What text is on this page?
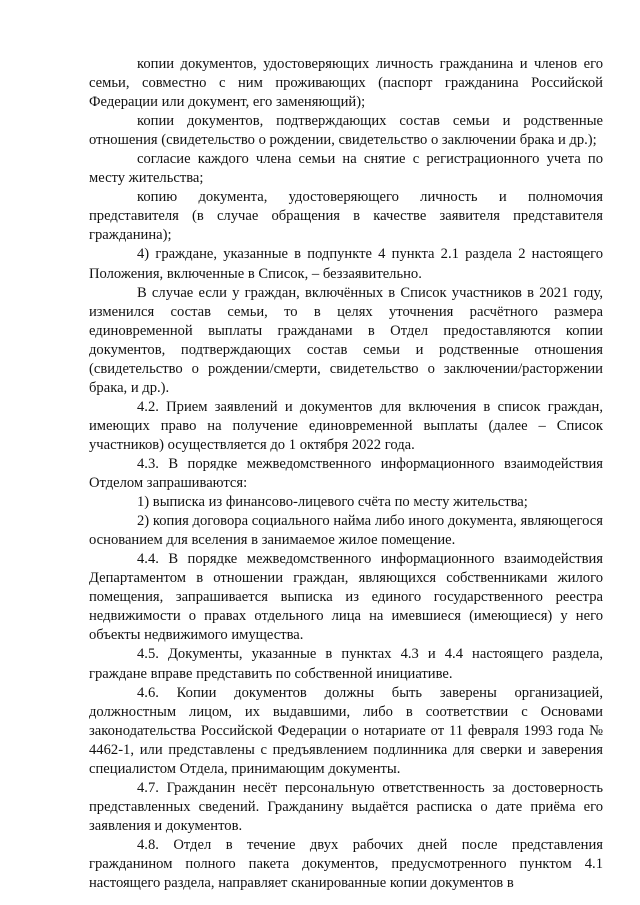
копии документов, удостоверяющих личность гражданина и членов его семьи, совместно с ним проживающих (паспорт гражданина Российской Федерации или документ, его заменяющий);

копии документов, подтверждающих состав семьи и родственные отношения (свидетельство о рождении, свидетельство о заключении брака и др.);

согласие каждого члена семьи на снятие с регистрационного учета по месту жительства;

копию документа, удостоверяющего личность и полномочия представителя (в случае обращения в качестве заявителя представителя гражданина);

4) граждане, указанные в подпункте 4 пункта 2.1 раздела 2 настоящего Положения, включенные в Список, – беззаявительно.

В случае если у граждан, включённых в Список участников в 2021 году, изменился состав семьи, то в целях уточнения расчётного размера единовременной выплаты гражданами в Отдел предоставляются копии документов, подтверждающих состав семьи и родственные отношения (свидетельство о рождении/смерти, свидетельство о заключении/расторжении брака, и др.).

4.2. Прием заявлений и документов для включения в список граждан, имеющих право на получение единовременной выплаты (далее – Список участников) осуществляется до 1 октября 2022 года.

4.3. В порядке межведомственного информационного взаимодействия Отделом запрашиваются:

1) выписка из финансово-лицевого счёта по месту жительства;

2) копия договора социального найма либо иного документа, являющегося основанием для вселения в занимаемое жилое помещение.

4.4. В порядке межведомственного информационного взаимодействия Департаментом в отношении граждан, являющихся собственниками жилого помещения, запрашивается выписка из единого государственного реестра недвижимости о правах отдельного лица на имевшиеся (имеющиеся) у него объекты недвижимого имущества.

4.5. Документы, указанные в пунктах 4.3 и 4.4 настоящего раздела, граждане вправе представить по собственной инициативе.

4.6. Копии документов должны быть заверены организацией, должностным лицом, их выдавшими, либо в соответствии с Основами законодательства Российской Федерации о нотариате от 11 февраля 1993 года № 4462-1, или представлены с предъявлением подлинника для сверки и заверения специалистом Отдела, принимающим документы.

4.7. Гражданин несёт персональную ответственность за достоверность представленных сведений. Гражданину выдаётся расписка о дате приёма его заявления и документов.

4.8. Отдел в течение двух рабочих дней после представления гражданином полного пакета документов, предусмотренного пунктом 4.1 настоящего раздела, направляет сканированные копии документов в
